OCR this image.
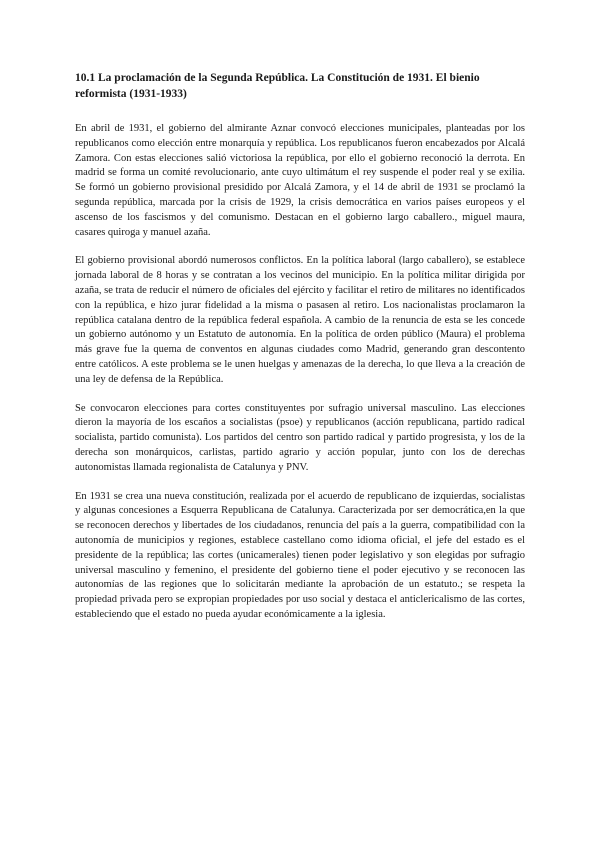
10.1 La proclamación de la Segunda República. La Constitución de 1931. El bienio reformista (1931-1933)

En abril de 1931, el gobierno del almirante Aznar convocó elecciones municipales, planteadas por los republicanos como elección entre monarquía y república. Los republicanos fueron encabezados por Alcalá Zamora. Con estas elecciones salió victoriosa la república, por ello el gobierno reconoció la derrota. En madrid se forma un comité revolucionario, ante cuyo ultimátum el rey suspende el poder real y se exilia. Se formó un gobierno provisional presidido por Alcalá Zamora, y el 14 de abril de 1931 se proclamó la segunda república, marcada por la crisis de 1929, la crisis democrática en varios países europeos y el ascenso de los fascismos y del comunismo. Destacan en el gobierno largo caballero., miguel maura, casares quiroga y manuel azaña.

El gobierno provisional abordó numerosos conflictos. En la política laboral (largo caballero), se establece jornada laboral de 8 horas y se contratan a los vecinos del municipio. En la política militar dirigida por azaña, se trata de reducir el número de oficiales del ejército y facilitar el retiro de militares no identificados con la república, e hizo jurar fidelidad a la misma o pasasen al retiro. Los nacionalistas proclamaron la república catalana dentro de la república federal española. A cambio de la renuncia de esta se les concede un gobierno autónomo y un Estatuto de autonomía. En la política de orden público (Maura) el problema más grave fue la quema de conventos en algunas ciudades como Madrid, generando gran descontento entre católicos. A este problema se le unen huelgas y amenazas de la derecha, lo que lleva a la creación de una ley de defensa de la República.

Se convocaron elecciones para cortes constituyentes por sufragio universal masculino. Las elecciones dieron la mayoría de los escaños a socialistas (psoe) y republicanos (acción republicana, partido radical socialista, partido comunista). Los partidos del centro son partido radical y partido progresista, y los de la derecha son monárquicos, carlistas, partido agrario y acción popular, junto con los de derechas autonomistas llamada regionalista de Catalunya y PNV.

En 1931 se crea una nueva constitución, realizada por el acuerdo de republicano de izquierdas, socialistas y algunas concesiones a Esquerra Republicana de Catalunya. Caracterizada por ser democrática,en la que se reconocen derechos y libertades de los ciudadanos, renuncia del país a la guerra, compatibilidad con la autonomía de municipios y regiones, establece castellano como idioma oficial, el jefe del estado es el presidente de la república; las cortes (unicamerales) tienen poder legislativo y son elegidas por sufragio universal masculino y femenino, el presidente del gobierno tiene el poder ejecutivo y se reconocen las autonomías de las regiones que lo solicitarán mediante la aprobación de un estatuto.; se respeta la propiedad privada pero se expropian propiedades por uso social y destaca el anticlericalismo de las cortes, estableciendo que el estado no pueda ayudar económicamente a la iglesia.
